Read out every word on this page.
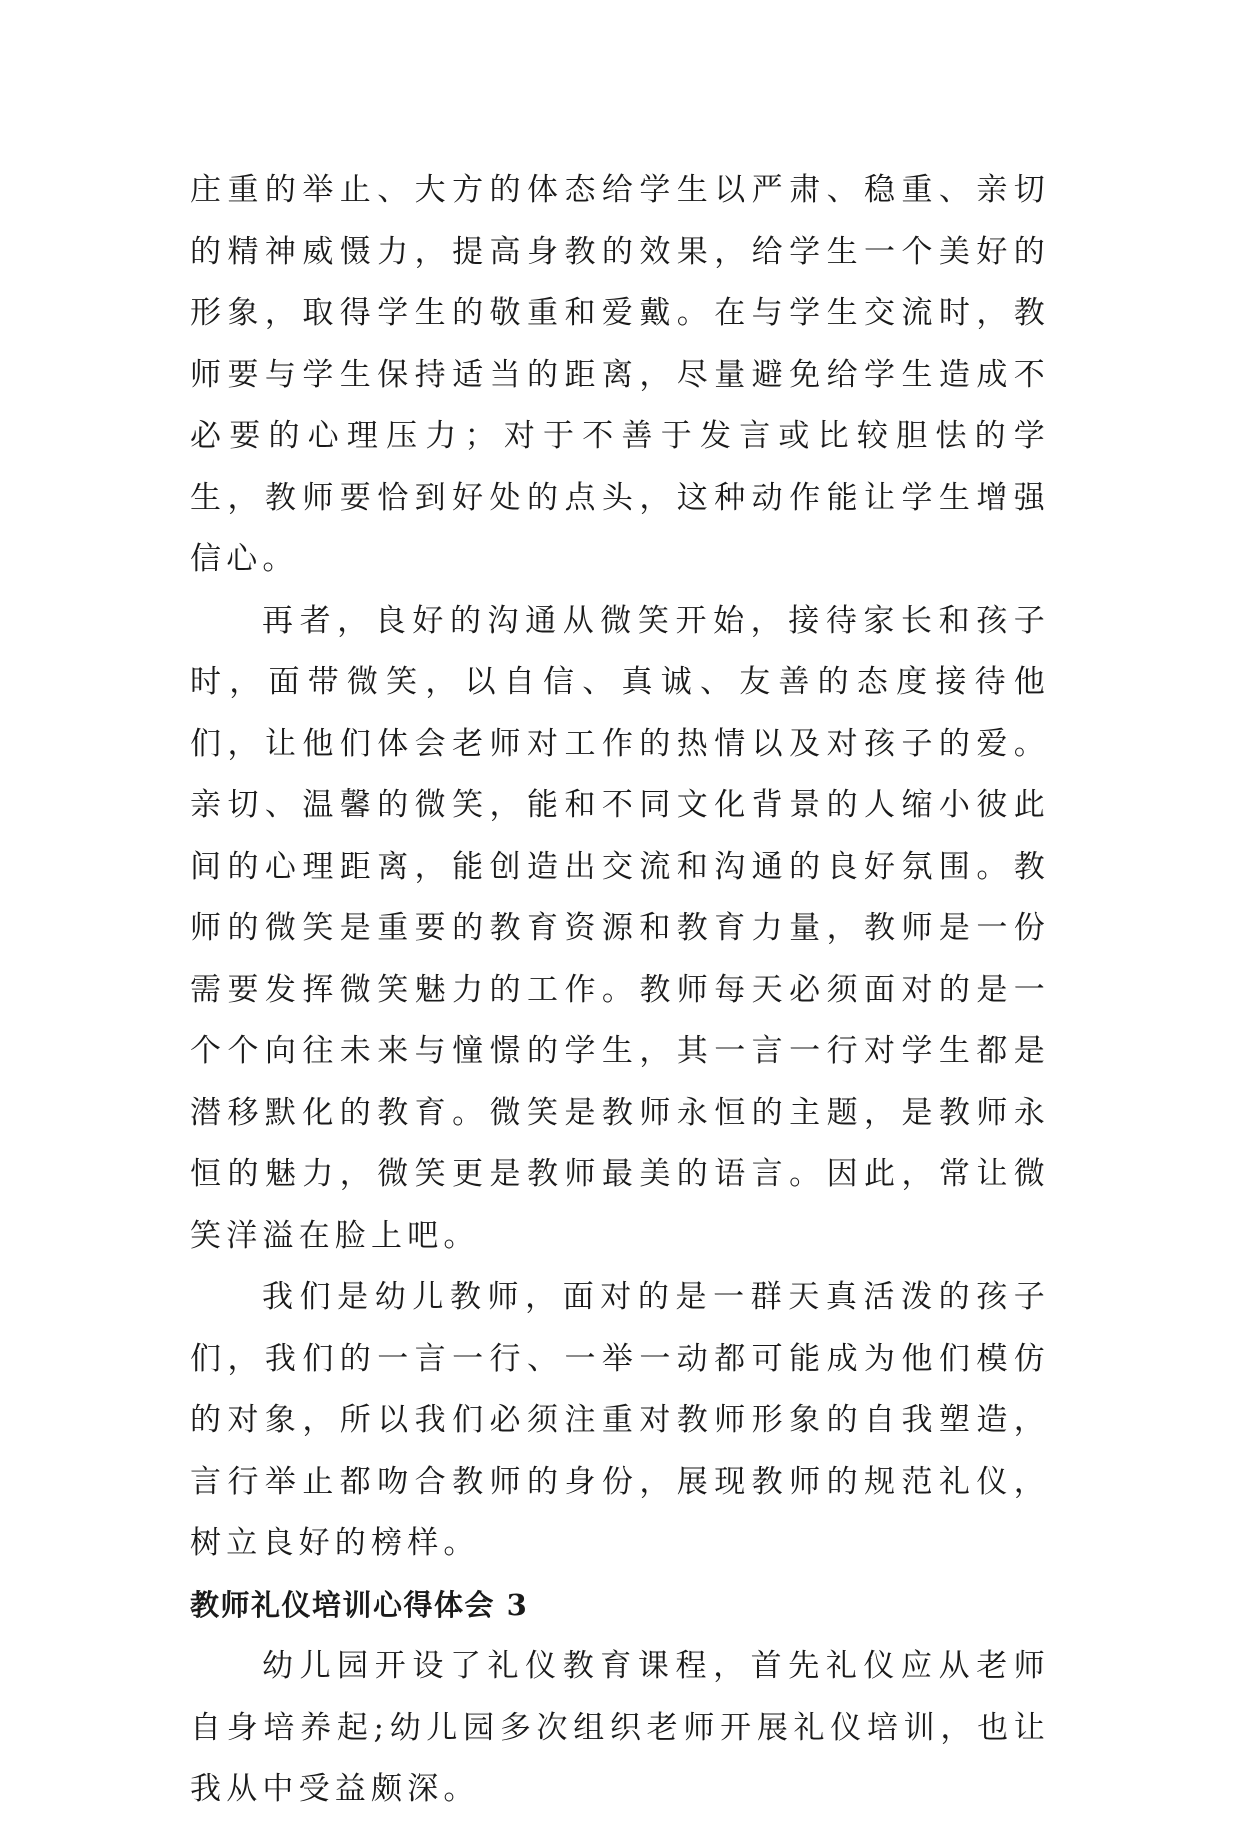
庄重的举止、大方的体态给学生以严肃、稳重、亲切的精神威慑力，提高身教的效果，给学生一个美好的形象，取得学生的敬重和爱戴。在与学生交流时，教师要与学生保持适当的距离，尽量避免给学生造成不必要的心理压力；对于不善于发言或比较胆怯的学生，教师要恰到好处的点头，这种动作能让学生增强信心。

再者，良好的沟通从微笑开始，接待家长和孩子时，面带微笑，以自信、真诚、友善的态度接待他们，让他们体会老师对工作的热情以及对孩子的爱。亲切、温馨的微笑，能和不同文化背景的人缩小彼此间的心理距离，能创造出交流和沟通的良好氛围。教师的微笑是重要的教育资源和教育力量，教师是一份需要发挥微笑魅力的工作。教师每天必须面对的是一个个向往未来与憧憬的学生，其一言一行对学生都是潜移默化的教育。微笑是教师永恒的主题，是教师永恒的魅力，微笑更是教师最美的语言。因此，常让微笑洋溢在脸上吧。

我们是幼儿教师，面对的是一群天真活泼的孩子们，我们的一言一行、一举一动都可能成为他们模仿的对象，所以我们必须注重对教师形象的自我塑造，言行举止都吻合教师的身份，展现教师的规范礼仪，树立良好的榜样。

教师礼仪培训心得体会 3

幼儿园开设了礼仪教育课程，首先礼仪应从老师自身培养起;幼儿园多次组织老师开展礼仪培训，也让我从中受益颇深。
